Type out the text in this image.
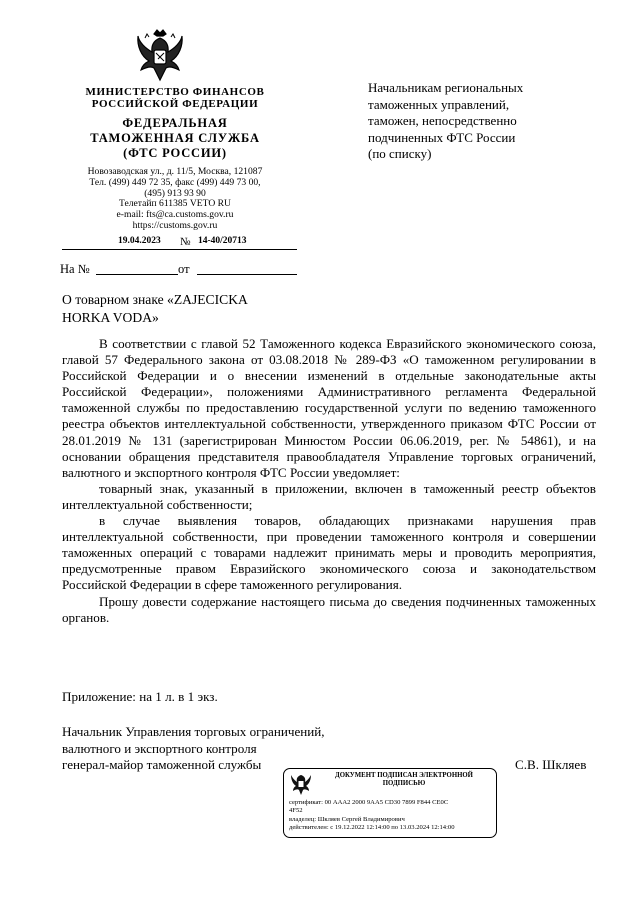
МИНИСТЕРСТВО ФИНАНСОВ
РОССИЙСКОЙ ФЕДЕРАЦИИ
ФЕДЕРАЛЬНАЯ
ТАМОЖЕННАЯ СЛУЖБА
(ФТС РОССИИ)
Новозаводская ул., д. 11/5, Москва, 121087
Тел. (499) 449 72 35, факс (499) 449 73 00,
(495) 913 93 90
Телетайп 611385 VETO RU
e-mail: fts@ca.customs.gov.ru
https://customs.gov.ru
19.04.2023 № 14-40/20713
На №	от
Начальникам региональных
таможенных управлений,
таможен, непосредственно
подчиненных ФТС России
(по списку)
О товарном знаке «ZAJECICKA
HORKA VODA»

В соответствии с главой 52 Таможенного кодекса Евразийского экономического союза, главой 57 Федерального закона от 03.08.2018 № 289-ФЗ «О таможенном регулировании в Российской Федерации и о внесении изменений в отдельные законодательные акты Российской Федерации», положениями Административного регламента Федеральной таможенной службы по предоставлению государственной услуги по ведению таможенного реестра объектов интеллектуальной собственности, утвержденного приказом ФТС России от 28.01.2019 № 131 (зарегистрирован Минюстом России 06.06.2019, рег. № 54861), и на основании обращения представителя правообладателя Управление торговых ограничений, валютного и экспортного контроля ФТС России уведомляет:

товарный знак, указанный в приложении, включен в таможенный реестр объектов интеллектуальной собственности;

в случае выявления товаров, обладающих признаками нарушения прав интеллектуальной собственности, при проведении таможенного контроля и совершении таможенных операций с товарами надлежит принимать меры и проводить мероприятия, предусмотренные правом Евразийского экономического союза и законодательством Российской Федерации в сфере таможенного регулирования.

Прошу довести содержание настоящего письма до сведения подчиненных таможенных органов.

Приложение: на 1 л. в 1 экз.
Начальник Управления торговых ограничений,
валютного и экспортного контроля
генерал-майор таможенной службы	С.В. Шкляев
ДОКУМЕНТ ПОДПИСАН ЭЛЕКТРОННОЙ
ПОДПИСЬЮ
сертификат: 00 AAA2 2000 9AA5 CD30 7899 F844 CE0C
4F52
владелец: Шкляев Сергей Владимирович
действителен: с 19.12.2022 12:14:00 по 13.03.2024 12:14:00
